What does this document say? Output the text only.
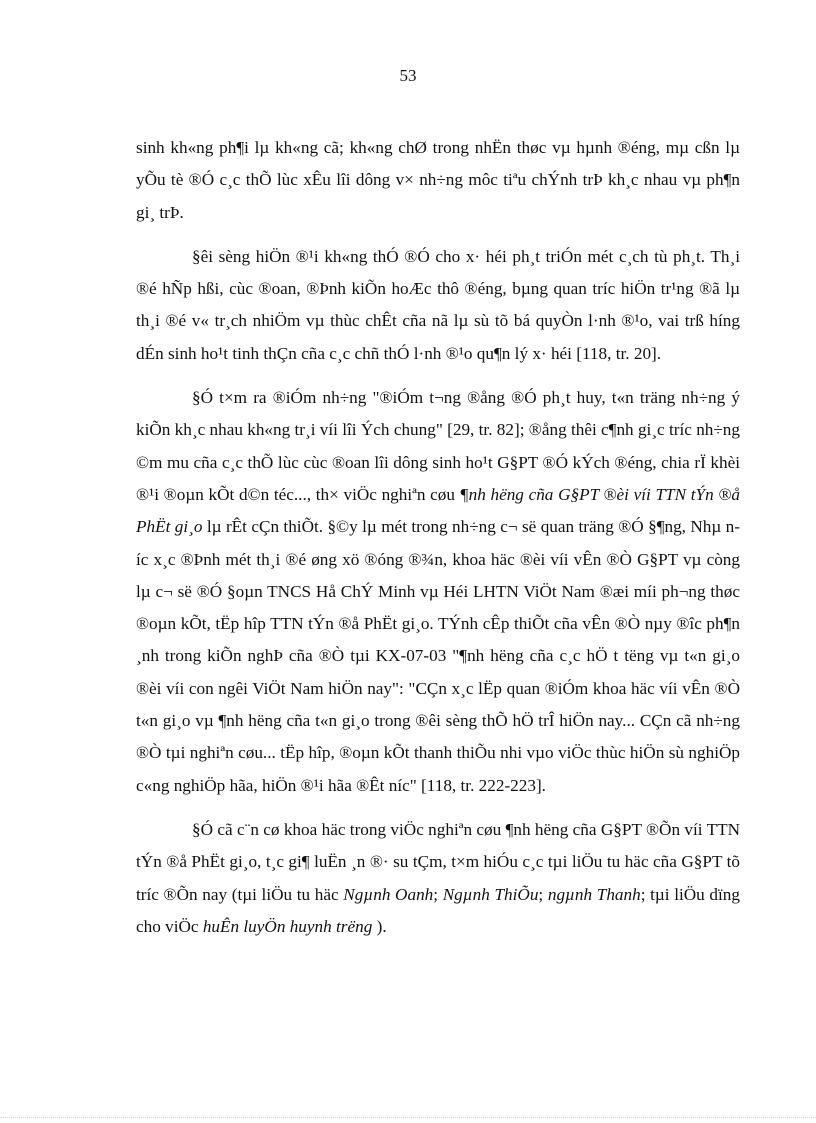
53

sinh kh«ng ph¶i lµ kh«ng cã; kh«ng chØ trong nhËn thøc vµ hµnh ®éng, mµ cßn lµ yÕu tè ®Ó c¸c thÕ lùc xÊu lîi dông v× nh÷ng môc tiªu chÝnh trÞ kh¸c nhau vµ ph¶n gi¸ trÞ.

§êi sèng hiÖn ®¹i kh«ng thÓ ®Ó cho x· héi ph¸t triÓn mét c¸ch tù ph¸t. Th¸i ®é hÑp hßi, cùc ®oan, ®Þnh kiÕn hoÆc thô ®éng, bµng quan tríc hiÖn tr¹ng ®ã lµ th¸i ®é v« tr¸ch nhiÖm vµ thùc chÊt cña nã lµ sù tõ bá quyÒn l·nh ®¹o, vai trß híng dÉn sinh ho¹t tinh thÇn cña c¸c chñ thÓ l·nh ®¹o qu¶n lý x· héi [118, tr. 20].

§Ó t×m ra ®iÓm nh÷ng "®iÓm t¬ng ®ång ®Ó ph¸t huy, t«n träng nh÷ng ý kiÕn kh¸c nhau kh«ng tr¸i víi lîi Ých chung" [29, tr. 82]; ®ång thêi c¶nh gi¸c tríc nh÷ng ©m mu cña c¸c thÕ lùc cùc ®oan lîi dông sinh ho¹t G§PT ®Ó kÝch ®éng, chia rÏ khèi ®¹i ®oµn kÕt d©n téc..., th× viÖc nghiªn cøu ¶nh hëng cña G§PT ®èi víi TTN tÝn ®å PhËt gi¸o lµ rÊt cÇn thiÕt. §©y lµ mét trong nh÷ng c¬ së quan träng ®Ó §¶ng, Nhµ níc x¸c ®Þnh mét th¸i ®é øng xö ®óng ®¾n, khoa häc ®èi víi vÊn ®Ò G§PT vµ còng lµ c¬ së ®Ó §oµn TNCS Hå ChÝ Minh vµ Héi LHTN ViÖt Nam ®æi míi ph¬ng thøc ®oµn kÕt, tËp hîp TTN tÝn ®å PhËt gi¸o. TÝnh cÊp thiÕt cña vÊn ®Ò nµy ®îc ph¶n ¸nh trong kiÕn nghÞ cña ®Ò tµi KX-07-03 "¶nh hëng cña c¸c hÖ t tëng vµ t«n gi¸o ®èi víi con ngêi ViÖt Nam hiÖn nay": "CÇn x¸c lËp quan ®iÓm khoa häc víi vÊn ®Ò t«n gi¸o vµ ¶nh hëng cña t«n gi¸o trong ®êi sèng thÕ hÖ trÎ hiÖn nay... CÇn cã nh÷ng ®Ò tµi nghiªn cøu... tËp hîp, ®oµn kÕt thanh thiÕu nhi vµo viÖc thùc hiÖn sù nghiÖp c«ng nghiÖp hãa, hiÖn ®¹i hãa ®Êt níc" [118, tr. 222-223].

§Ó cã c¨n cø khoa häc trong viÖc nghiªn cøu ¶nh hëng cña G§PT ®Õn víi TTN tÝn ®å PhËt gi¸o, t¸c gi¶ luËn ¸n ®· su tÇm, t×m hiÓu c¸c tµi liÖu tu häc cña G§PT tõ tríc ®Õn nay (tµi liÖu tu häc Ngµnh Oanh; Ngµnh ThiÕu; ngµnh Thanh; tµi liÖu dïng cho viÖc huÊn luyÖn huynh trëng ).
